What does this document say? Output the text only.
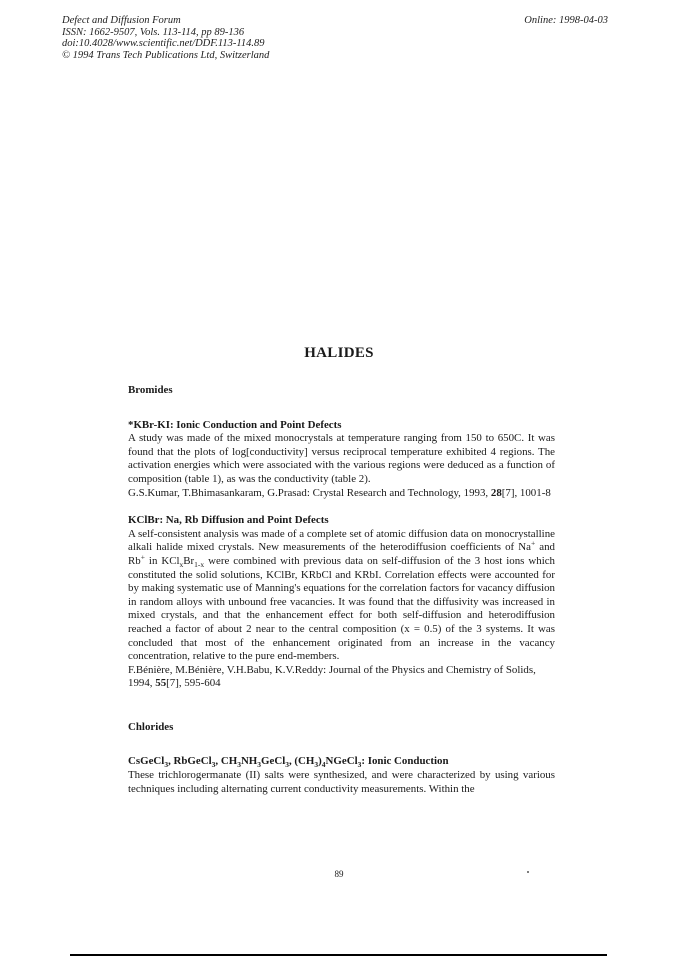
Defect and Diffusion Forum
ISSN: 1662-9507, Vols. 113-114, pp 89-136
doi:10.4028/www.scientific.net/DDF.113-114.89
© 1994 Trans Tech Publications Ltd, Switzerland
Online: 1998-04-03
HALIDES

Bromides

*KBr-KI: Ionic Conduction and Point Defects

A study was made of the mixed monocrystals at temperature ranging from 150 to 650C. It was found that the plots of log[conductivity] versus reciprocal temperature exhibited 4 regions. The activation energies which were associated with the various regions were deduced as a function of composition (table 1), as was the conductivity (table 2).

G.S.Kumar, T.Bhimasankaram, G.Prasad: Crystal Research and Technology, 1993, 28[7], 1001-8

KClBr: Na, Rb Diffusion and Point Defects

A self-consistent analysis was made of a complete set of atomic diffusion data on monocrystalline alkali halide mixed crystals. New measurements of the heterodiffusion coefficients of Na+ and Rb+ in $KCl_xBr_{1-x}$ were combined with previous data on self-diffusion of the 3 host ions which constituted the solid solutions, KClBr, KRbCl and KRbI. Correlation effects were accounted for by making systematic use of Manning's equations for the correlation factors for vacancy diffusion in random alloys with unbound free vacancies. It was found that the diffusivity was increased in mixed crystals, and that the enhancement effect for both self-diffusion and heterodiffusion reached a factor of about 2 near to the central composition (x = 0.5) of the 3 systems. It was concluded that most of the enhancement originated from an increase in the vacancy concentration, relative to the pure end-members.

F.Bénière, M.Bénière, V.H.Babu, K.V.Reddy: Journal of the Physics and Chemistry of Solids, 1994, 55[7], 595-604

Chlorides

CsGeCl$_3$, RbGeCl$_3$, $CH_3NH_3GeCl_3$, $(CH_3)_4NGeCl_3$: Ionic Conduction

These trichlorogermanate (II) salts were synthesized, and were characterized by using various techniques including alternating current conductivity measurements. Within the

89
